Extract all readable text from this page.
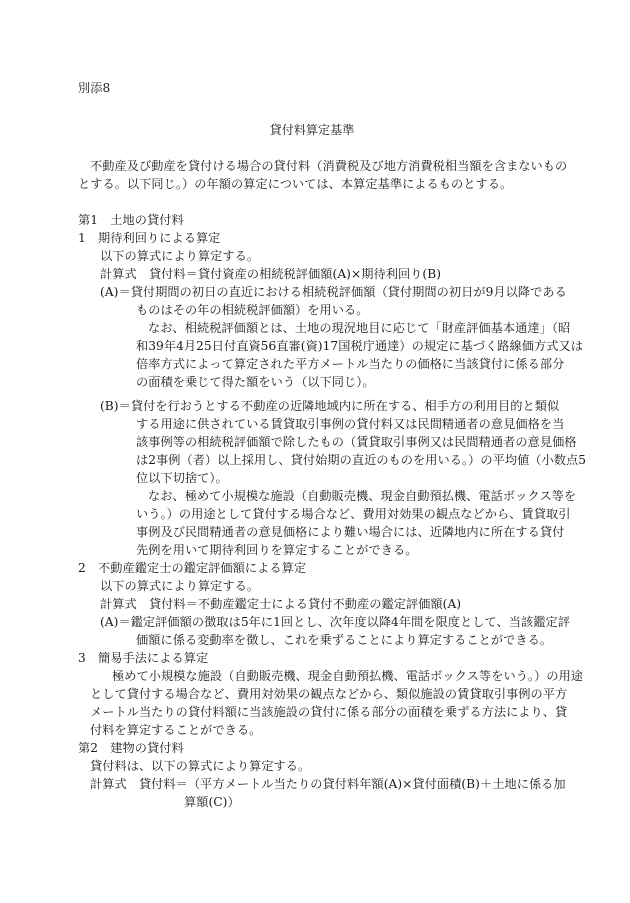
別添8
貸付料算定基準
不動産及び動産を貸付ける場合の貸付料（消費税及び地方消費税相当額を含まないもの
とする。以下同じ。）の年額の算定については、本算定基準によるものとする。
第1　土地の貸付料
1　期待利回りによる算定
以下の算式により算定する。
計算式　貸付料＝貸付資産の相続税評価額(A)×期待利回り(B)
(A)＝貸付期間の初日の直近における相続税評価額（貸付期間の初日が9月以降である
ものはその年の相続税評価額）を用いる。
なお、相続税評価額とは、土地の現況地目に応じて「財産評価基本通達」（昭
和39年4月25日付直資56直審(資)17国税庁通達）の規定に基づく路線価方式又は
倍率方式によって算定された平方メートル当たりの価格に当該貸付に係る部分
の面積を乗じて得た額をいう（以下同じ）。
(B)＝貸付を行おうとする不動産の近隣地域内に所在する、相手方の利用目的と類似
する用途に供されている賃貸取引事例の貸付料又は民間精通者の意見価格を当
該事例等の相続税評価額で除したもの（賃貸取引事例又は民間精通者の意見価格
は2事例（者）以上採用し、貸付始期の直近のものを用いる。）の平均値（小数点5
位以下切捨て）。
なお、極めて小規模な施設（自動販売機、現金自動預払機、電話ボックス等を
いう。）の用途として貸付する場合など、費用対効果の観点などから、賃貸取引
事例及び民間精通者の意見価格により難い場合には、近隣地内に所在する貸付
先例を用いて期待利回りを算定することができる。
2　不動産鑑定士の鑑定評価額による算定
以下の算式により算定する。
計算式　貸付料＝不動産鑑定士による貸付不動産の鑑定評価額(A)
(A)＝鑑定評価額の徴取は5年に1回とし、次年度以降4年間を限度として、当該鑑定評
価額に係る変動率を徴し、これを乗ずることにより算定することができる。
3　簡易手法による算定
極めて小規模な施設（自動販売機、現金自動預払機、電話ボックス等をいう。）の用途
として貸付する場合など、費用対効果の観点などから、類似施設の賃貸取引事例の平方
メートル当たりの貸付料額に当該施設の貸付に係る部分の面積を乗ずる方法により、貸
付料を算定することができる。
第2　建物の貸付料
貸付料は、以下の算式により算定する。
計算式　貸付料＝（平方メートル当たりの貸付料年額(A)×貸付面積(B)＋土地に係る加
算額(C)）
